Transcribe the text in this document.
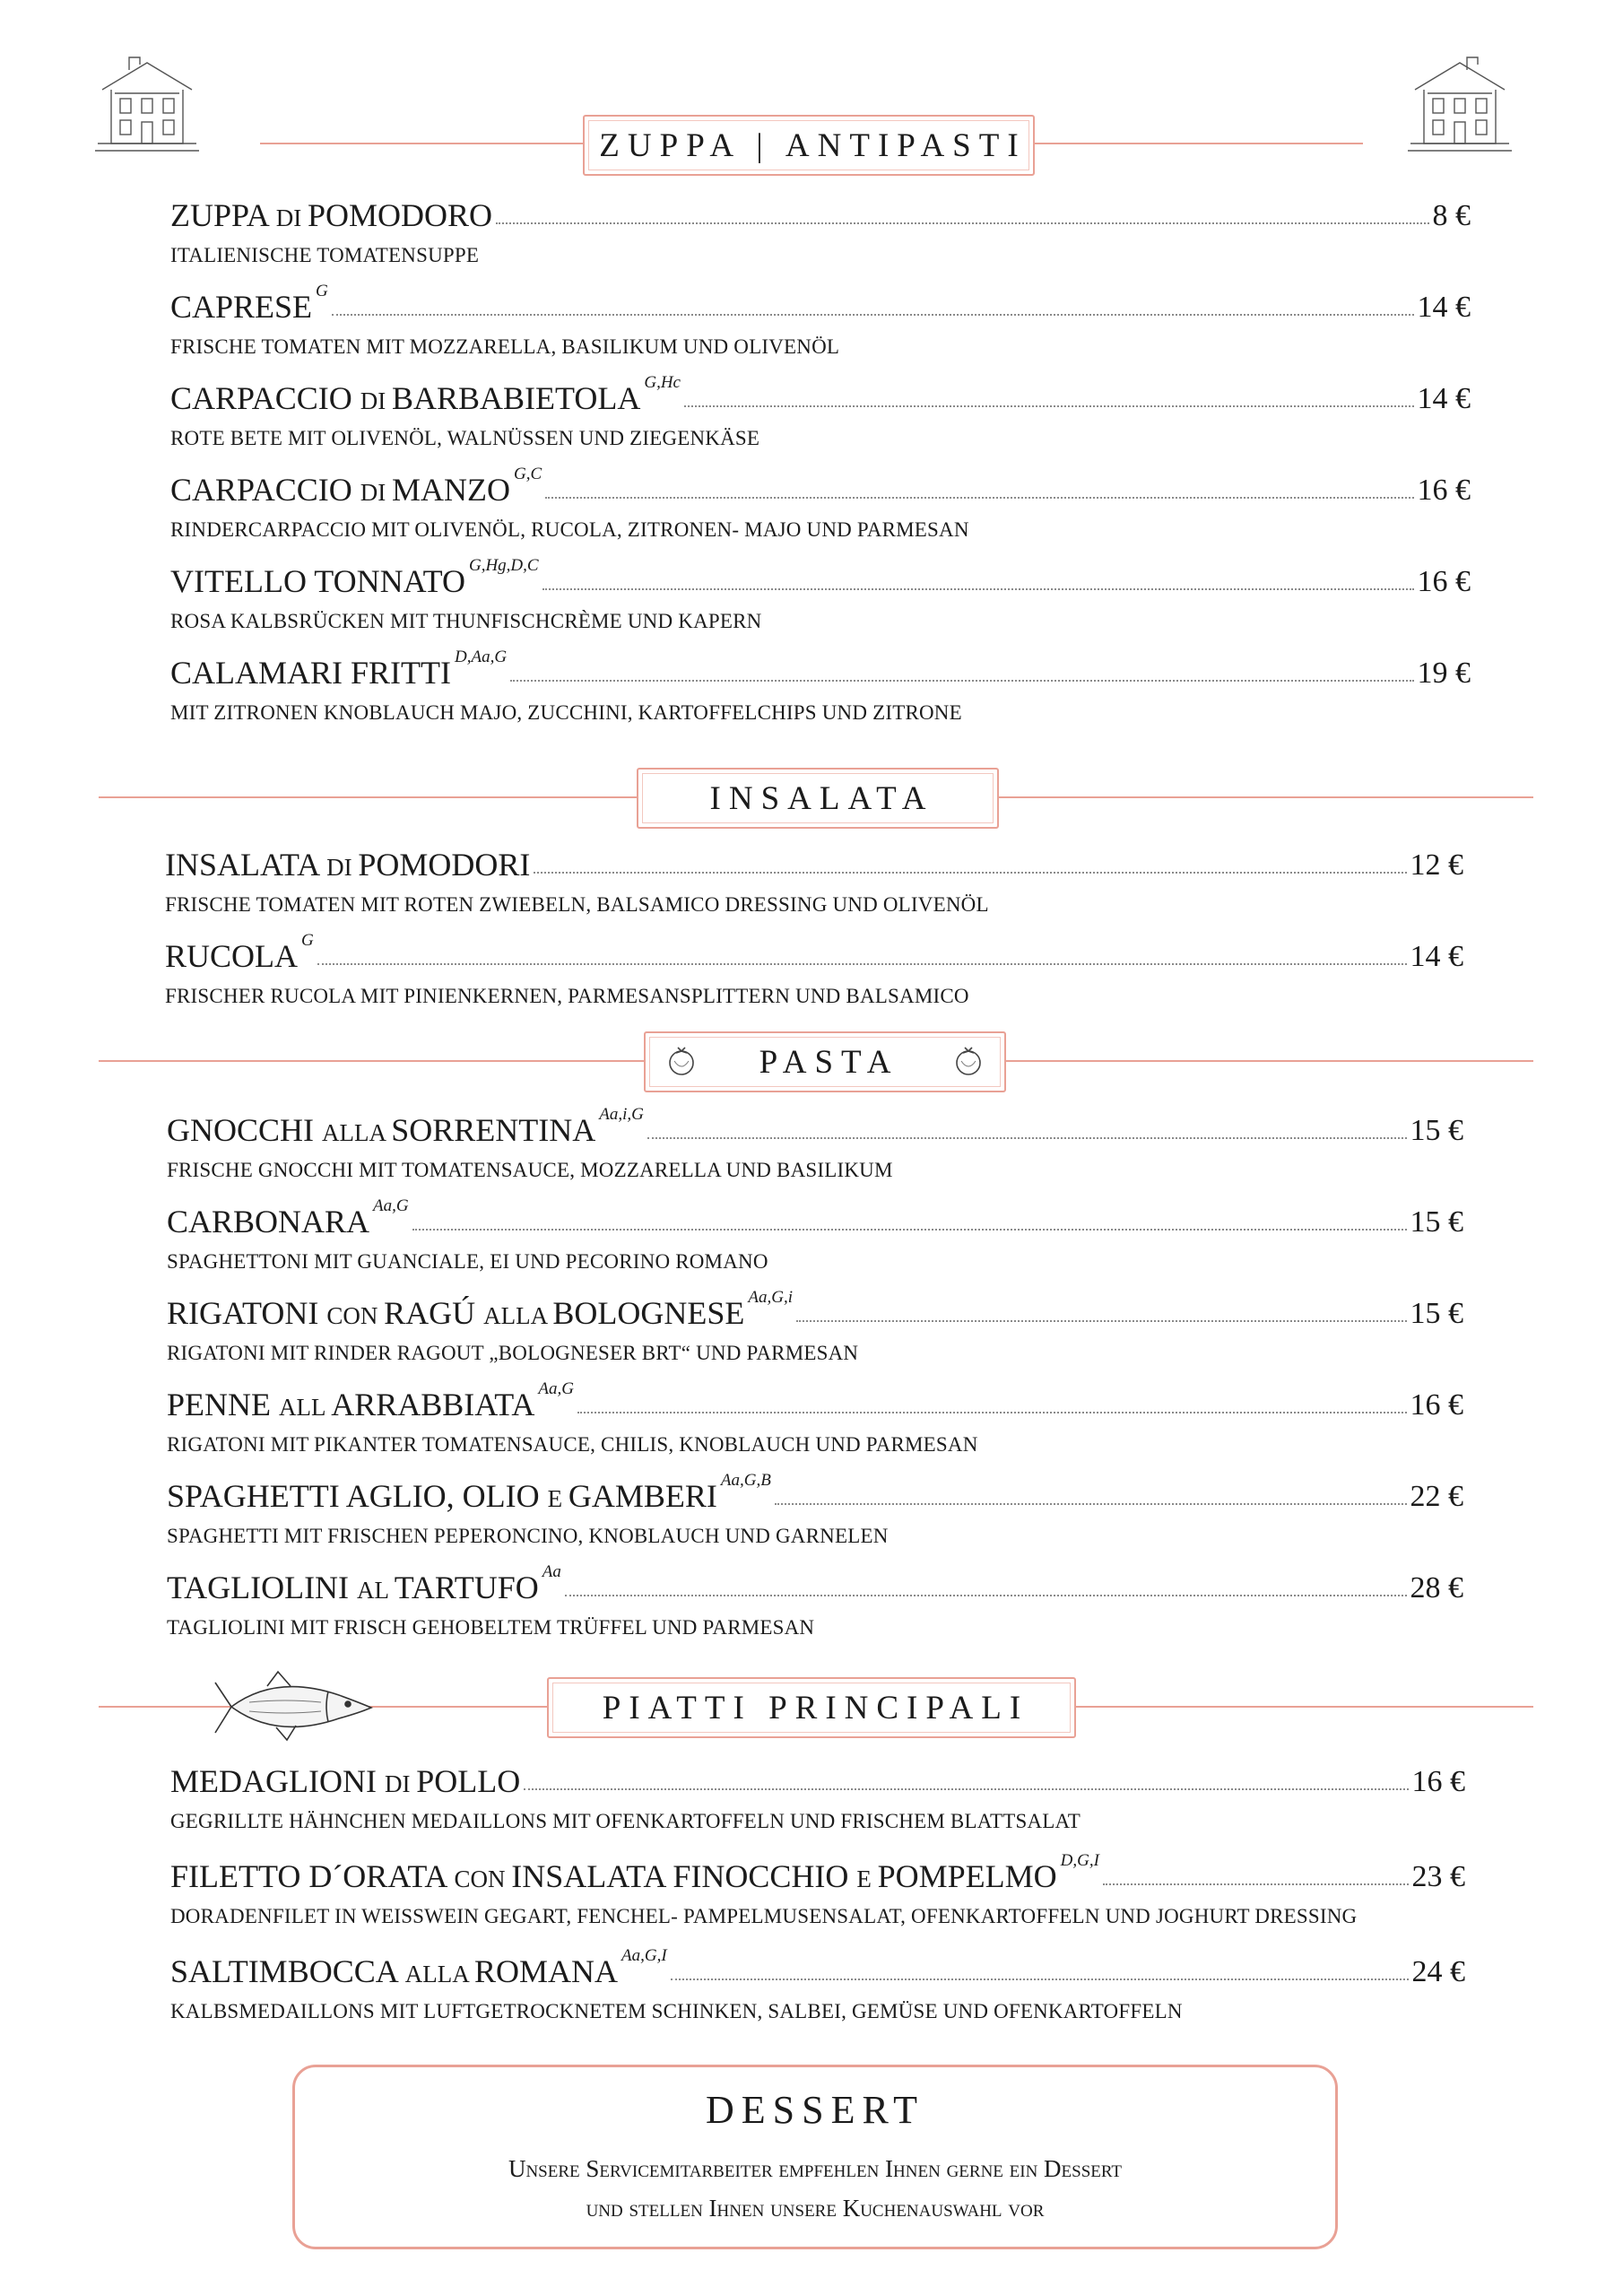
ZUPPA | ANTIPASTI
ZUPPA DI POMODORO	8 €
ITALIENISCHE TOMATENSUPPE
CAPRESE G	14 €
FRISCHE TOMATEN MIT MOZZARELLA, BASILIKUM UND OLIVENÖL
CARPACCIO DI BARBABIETOLA G,Hc	14 €
ROTE BETE MIT OLIVENÖL, WALNÜSSEN UND ZIEGENKÄSE
CARPACCIO DI MANZO G,C	16 €
RINDERCARPACCIO MIT OLIVENÖL, RUCOLA, ZITRONEN- MAJO UND PARMESAN
VITELLO TONNATO G,Hg,D,C	16 €
ROSA KALBSRÜCKEN MIT THUNFISCHCRÈME UND KAPERN
CALAMARI FRITTI D,Aa,G	19 €
MIT ZITRONEN KNOBLAUCH MAJO, ZUCCHINI, KARTOFFELCHIPS UND ZITRONE
INSALATA
INSALATA DI POMODORI	12 €
FRISCHE TOMATEN MIT ROTEN ZWIEBELN, BALSAMICO DRESSING UND OLIVENÖL
RUCOLA G	14 €
FRISCHER RUCOLA MIT PINIENKERNEN, PARMESANSPLITTERN UND BALSAMICO
PASTA
GNOCCHI ALLA SORRENTINA Aa,i,G	15 €
FRISCHE GNOCCHI MIT TOMATENSAUCE, MOZZARELLA UND BASILIKUM
CARBONARA Aa,G	15 €
SPAGHETTONI MIT GUANCIALE, EI UND PECORINO ROMANO
RIGATONI CON RAGÚ ALLA BOLOGNESE Aa,G,i	15 €
RIGATONI MIT RINDER RAGOUT „BOLOGNESER BRT“ UND PARMESAN
PENNE ALL ARRABBIATA Aa,G	16 €
RIGATONI MIT PIKANTER TOMATENSAUCE, CHILIS, KNOBLAUCH UND PARMESAN
SPAGHETTI AGLIO, OLIO E GAMBERI Aa,G,B	22 €
SPAGHETTI MIT FRISCHEN PEPERONCINO, KNOBLAUCH UND GARNELEN
TAGLIOLINI AL TARTUFO Aa	28 €
TAGLIOLINI MIT FRISCH GEHOBELTEM TRÜFFEL UND PARMESAN
PIATTI PRINCIPALI
MEDAGLIONI DI POLLO	16 €
GEGRILLTE HÄHNCHEN MEDAILLONS MIT OFENKARTOFFELN UND FRISCHEM BLATTSALAT
FILETTO D´ORATA CON INSALATA FINOCCHIO E POMPELMO D,G,I	23 €
DORADENFILET IN WEISSWEIN GEGART, FENCHEL- PAMPELMUSENSALAT, OFENKARTOFFELN UND JOGHURT DRESSING
SALTIMBOCCA ALLA ROMANA Aa,G,I	24 €
KALBSMEDAILLONS MIT LUFTGETROCKNETEM SCHINKEN, SALBEI, GEMÜSE UND OFENKARTOFFELN
DESSERT
Unsere Servicemitarbeiter empfehlen Ihnen gerne ein Dessert
und stellen Ihnen unsere Kuchenauswahl vor
